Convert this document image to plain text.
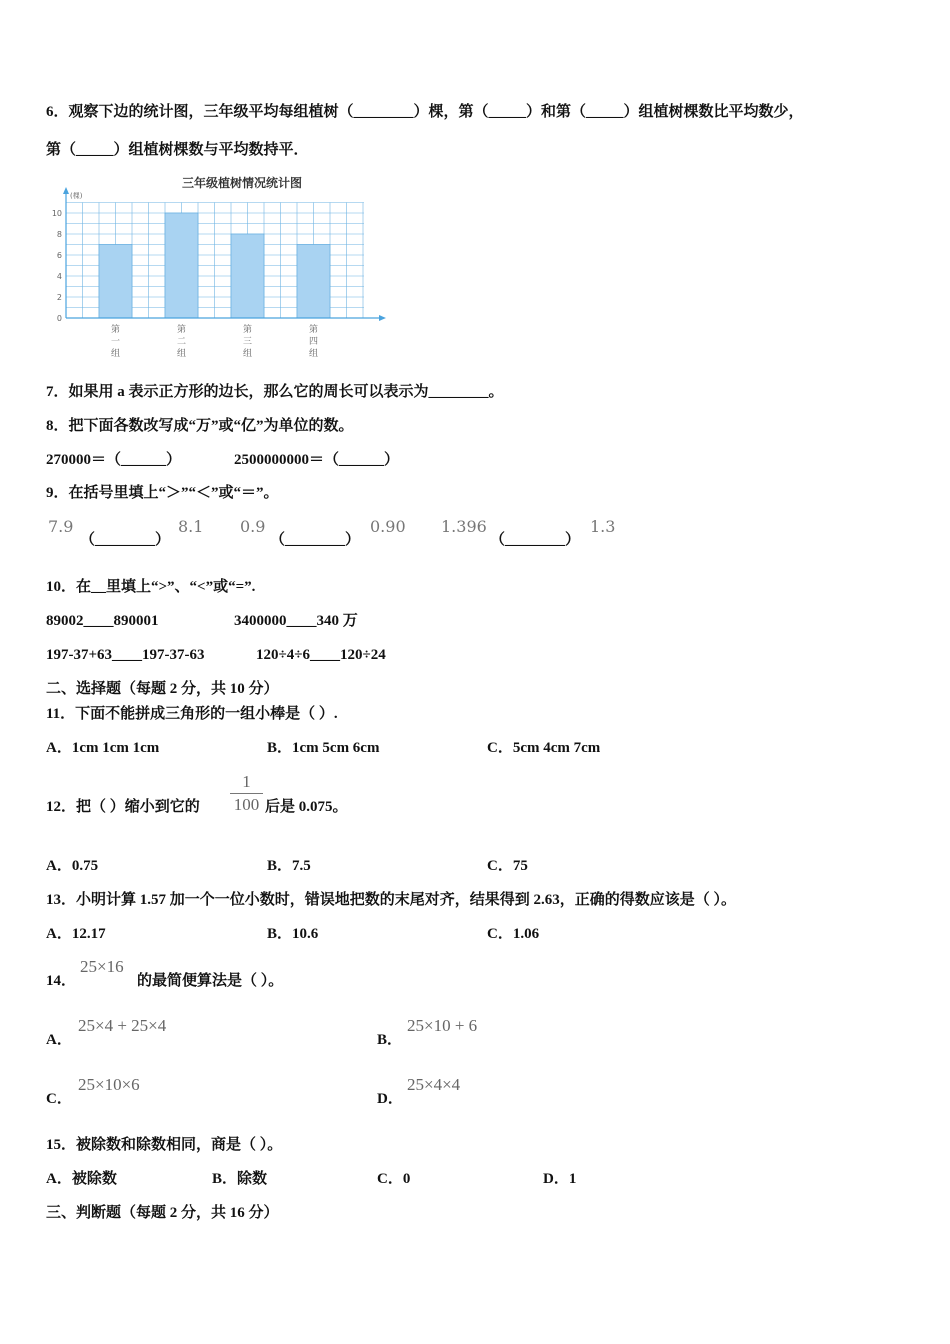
6．观察下边的统计图，三年级平均每组植树（________）棵，第（_____）和第（_____）组植树棵数比平均数少，
第（_____）组植树棵数与平均数持平．
三年级植树情况统计图
(棵)
0
2
4
6
8
10
第
一
组
第
二
组
第
三
组
第
四
组
7．如果用 a 表示正方形的边长，那么它的周长可以表示为________。
8．把下面各数改写成“万”或“亿”为单位的数。
270000＝（______）	2500000000＝（______）
9．在括号里填上“＞”“＜”或“＝”。
7.9
（________）
8.1 0.9
（________）
0.90 1.396
（________）
1.3
10．在__里填上“>”、“<”或“=”.
89002____890001	3400000____340 万
197-37+63____197-37-63	120÷4÷6____120÷24
二、选择题（每题 2 分，共 10 分）
11．下面不能拼成三角形的一组小棒是（ ）.
A．1cm 1cm 1cm	B．1cm 5cm 6cm	C．5cm 4cm 7cm
12．把（ ）缩小到它的
1
100 后是 0.075。
A．0.75	B．7.5	C．75
13．小明计算 1.57 加一个一位小数时，错误地把数的末尾对齐，结果得到 2.63，正确的得数应该是（ ）。
A．12.17	B．10.6	C．1.06
14．
25×16
的最简便算法是（ ）。
A．
25×4 + 25×4
B．
25×10 + 6
C．
25×10×6
D．
25×4×4
15．被除数和除数相同，商是（ ）。
A．被除数	B．除数	C．0	D．1
三、判断题（每题 2 分，共 16 分）
